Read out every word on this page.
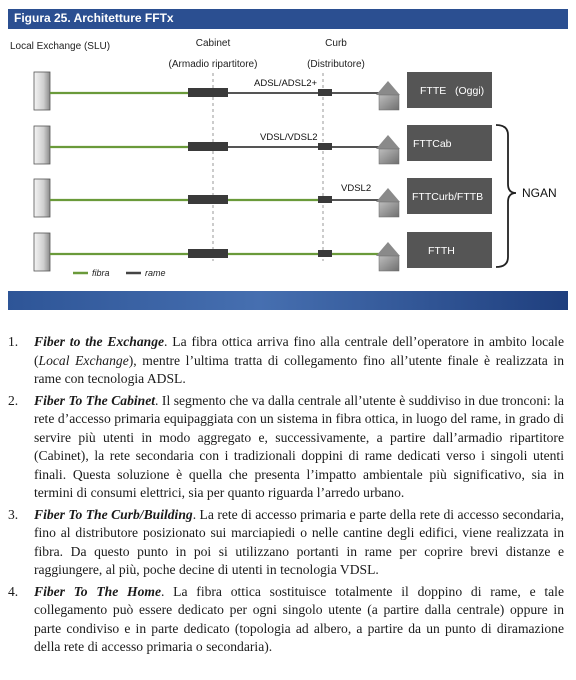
Figura 25. Architetture FFTx
Local Exchange (SLU)	Cabinet
(Armadio ripartitore)
Curb
(Distributore)
ADSL/ADSL2+
FTTE   (Oggi)
VDSL/VDSL2
FTTCab
VDSL2
FTTCurb/FTTB
FTTH
NGAN
fibra	rame
1. Fiber to the Exchange. La fibra ottica arriva fino alla centrale dell’operatore in ambito locale (Local Exchange), mentre l’ultima tratta di collegamento fino all’utente finale è realizzata in rame con tecnologia ADSL.
2. Fiber To The Cabinet. Il segmento che va dalla centrale all’utente è suddiviso in due tronconi: la rete d’accesso primaria equipaggiata con un sistema in fibra ottica, in luogo del rame, in grado di servire più utenti in modo aggregato e, successivamente, a partire dall’armadio ripartitore (Cabinet), la rete secondaria con i tradizionali doppini di rame dedicati verso i singoli utenti finali. Questa soluzione è quella che presenta l’impatto ambientale più significativo, sia in termini di consumi elettrici, sia per quanto riguarda l’arredo urbano.
3. Fiber To The Curb/Building. La rete di accesso primaria e parte della rete di accesso secondaria, fino al distributore posizionato sui marciapiedi o nelle cantine degli edifici, viene realizzata in fibra. Da questo punto in poi si utilizzano portanti in rame per coprire brevi distanze e raggiungere, al più, poche decine di utenti in tecnologia VDSL.
4. Fiber To The Home. La fibra ottica sostituisce totalmente il doppino di rame, e tale collegamento può essere dedicato per ogni singolo utente (a partire dalla centrale) oppure in parte condiviso e in parte dedicato (topologia ad albero, a partire da un punto di diramazione della rete di accesso primaria o secondaria).
